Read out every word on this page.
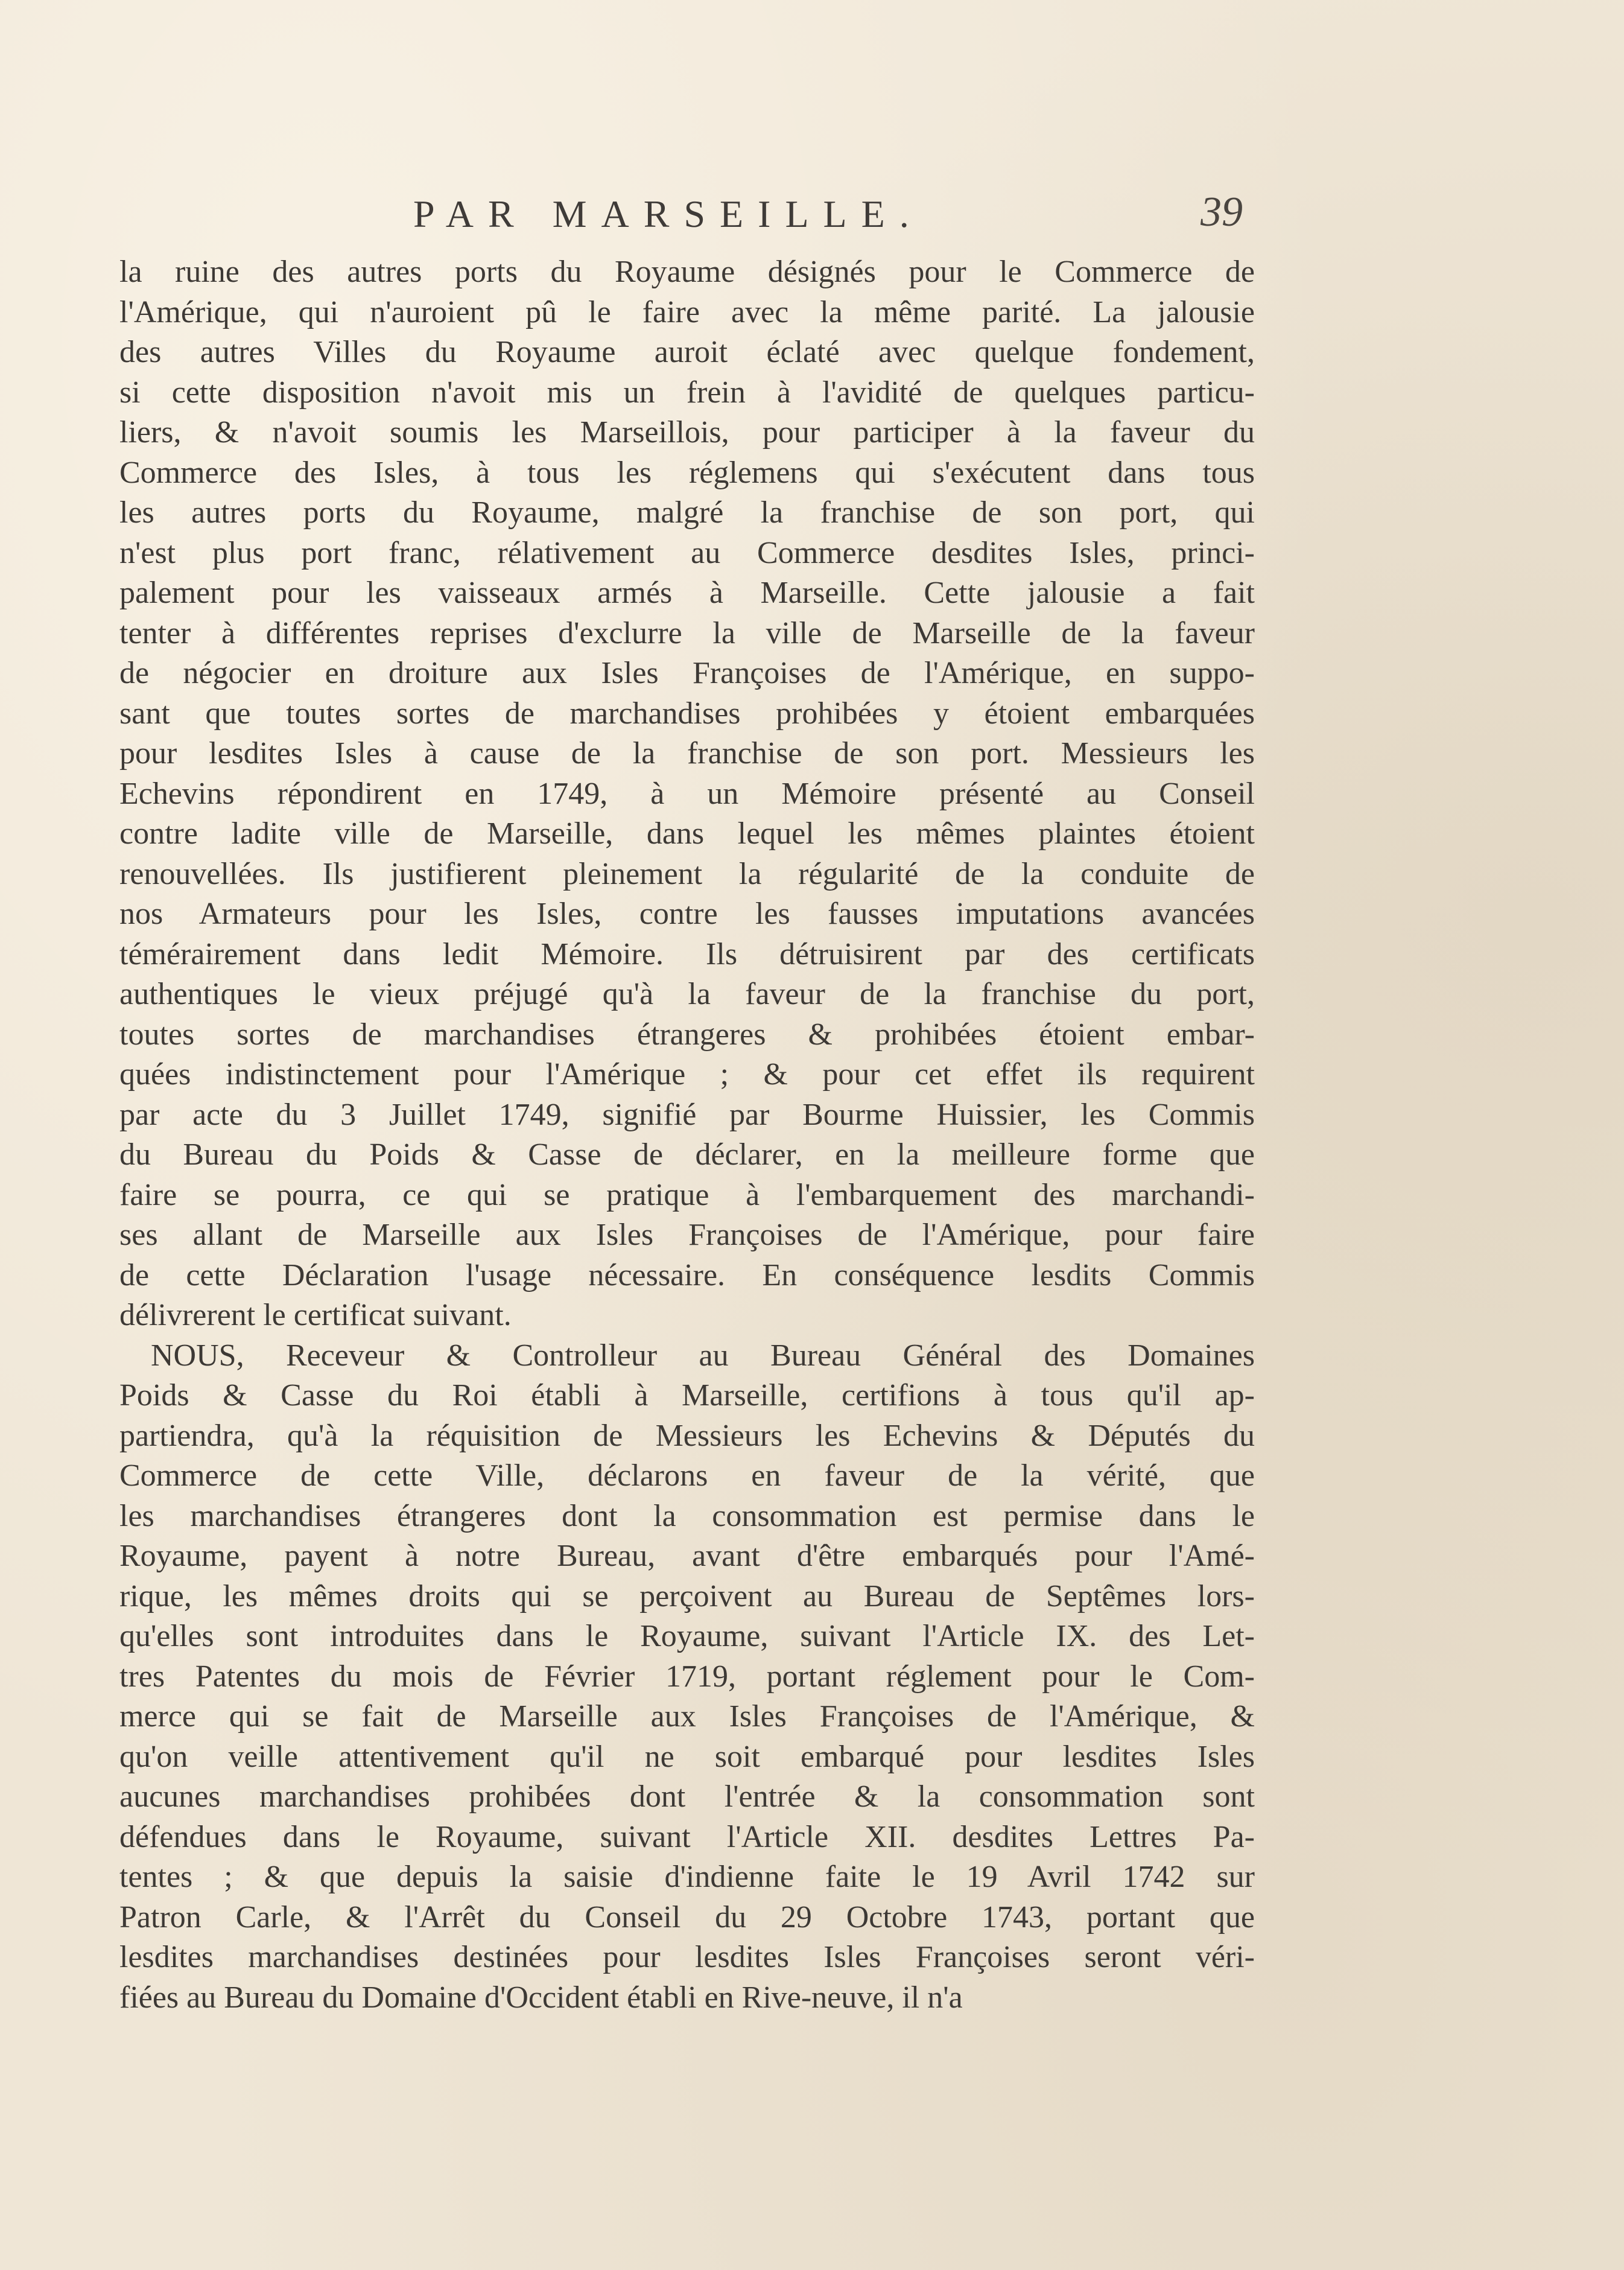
PAR MARSEILLE.	39
la ruine des autres ports du Royaume désignés pour le Commerce de
l'Amérique, qui n'auroient pû le faire avec la même parité. La jalousie
des autres Villes du Royaume auroit éclaté avec quelque fondement,
si cette disposition n'avoit mis un frein à l'avidité de quelques particu-
liers, & n'avoit soumis les Marseillois, pour participer à la faveur du
Commerce des Isles, à tous les réglemens qui s'exécutent dans tous
les autres ports du Royaume, malgré la franchise de son port, qui
n'est plus port franc, rélativement au Commerce desdites Isles, princi-
palement pour les vaisseaux armés à Marseille. Cette jalousie a fait
tenter à différentes reprises d'exclurre la ville de Marseille de la faveur
de négocier en droiture aux Isles Françoises de l'Amérique, en suppo-
sant que toutes sortes de marchandises prohibées y étoient embarquées
pour lesdites Isles à cause de la franchise de son port. Messieurs les
Echevins répondirent en 1749, à un Mémoire présenté au Conseil
contre ladite ville de Marseille, dans lequel les mêmes plaintes étoient
renouvellées. Ils justifierent pleinement la régularité de la conduite de
nos Armateurs pour les Isles, contre les fausses imputations avancées
témérairement dans ledit Mémoire. Ils détruisirent par des certificats
authentiques le vieux préjugé qu'à la faveur de la franchise du port,
toutes sortes de marchandises étrangeres & prohibées étoient embar-
quées indistinctement pour l'Amérique ; & pour cet effet ils requirent
par acte du 3 Juillet 1749, signifié par Bourme Huissier, les Commis
du Bureau du Poids & Casse de déclarer, en la meilleure forme que
faire se pourra, ce qui se pratique à l'embarquement des marchandi-
ses allant de Marseille aux Isles Françoises de l'Amérique, pour faire
de cette Déclaration l'usage nécessaire. En conséquence lesdits Commis
délivrerent le certificat suivant.
NOUS, Receveur & Controlleur au Bureau Général des Domaines
Poids & Casse du Roi établi à Marseille, certifions à tous qu'il ap-
partiendra, qu'à la réquisition de Messieurs les Echevins & Députés du
Commerce de cette Ville, déclarons en faveur de la vérité, que
les marchandises étrangeres dont la consommation est permise dans le
Royaume, payent à notre Bureau, avant d'être embarqués pour l'Amé-
rique, les mêmes droits qui se perçoivent au Bureau de Septêmes lors-
qu'elles sont introduites dans le Royaume, suivant l'Article IX. des Let-
tres Patentes du mois de Février 1719, portant réglement pour le Com-
merce qui se fait de Marseille aux Isles Françoises de l'Amérique, &
qu'on veille attentivement qu'il ne soit embarqué pour lesdites Isles
aucunes marchandises prohibées dont l'entrée & la consommation sont
défendues dans le Royaume, suivant l'Article XII. desdites Lettres Pa-
tentes ; & que depuis la saisie d'indienne faite le 19 Avril 1742 sur
Patron Carle, & l'Arrêt du Conseil du 29 Octobre 1743, portant que
lesdites marchandises destinées pour lesdites Isles Françoises seront véri-
fiées au Bureau du Domaine d'Occident établi en Rive-neuve, il n'a
